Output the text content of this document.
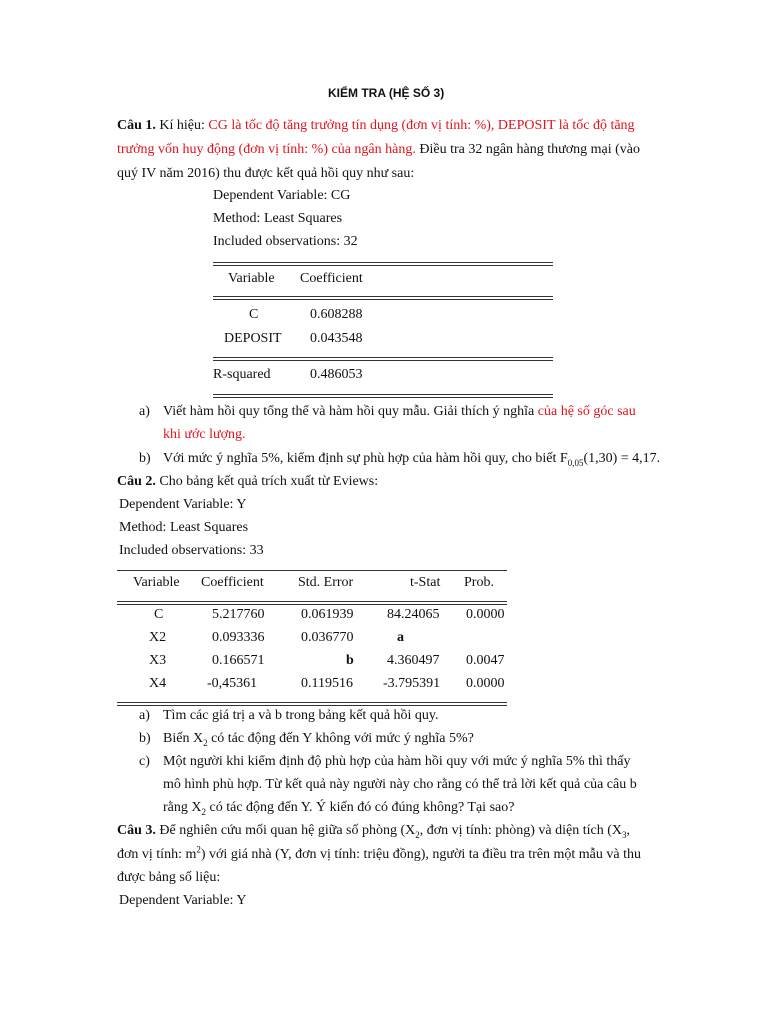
KIỂM TRA (HỆ SỐ 3)
Câu 1. Kí hiệu: CG là tốc độ tăng trưởng tín dụng (đơn vị tính: %), DEPOSIT là tốc độ tăng
trưởng vốn huy động (đơn vị tính: %) của ngân hàng. Điều tra 32 ngân hàng thương mại (vào
quý IV năm 2016) thu được kết quả hồi quy như sau:
Dependent Variable: CG
Method: Least Squares
Included observations: 32
Variable Coefficient
C	0.608288
DEPOSIT 0.043548
R-squared	0.486053
a) Viết hàm hồi quy tổng thể và hàm hồi quy mẫu. Giải thích ý nghĩa của hệ số góc sau
khi ước lượng.
b) Với mức ý nghĩa 5%, kiểm định sự phù hợp của hàm hồi quy, cho biết $F_{0,05}(1,30) = 4,17$.
Câu 2. Cho bảng kết quả trích xuất từ Eviews:
Dependent Variable: Y
Method: Least Squares
Included observations: 33
Variable Coefficient Std. Error	t-Stat Prob.
C	5.217760	0.061939 84.24065 0.0000
X2	0.093336	0.036770	a
X3	0.166571	b 4.360497 0.0047
X4	-0,45361	0.119516 -3.795391 0.0000
a) Tìm các giá trị a và b trong bảng kết quả hồi quy.
b) Biến $X_2$ có tác động đến Y không với mức ý nghĩa 5%?
c) Một người khi kiểm định độ phù hợp của hàm hồi quy với mức ý nghĩa 5% thì thấy
mô hình phù hợp. Từ kết quả này người này cho rằng có thể trả lời kết quả của câu b
rằng $X_2$ có tác động đến Y. Ý kiến đó có đúng không? Tại sao?
Câu 3. Để nghiên cứu mối quan hệ giữa số phòng ($X_2$, đơn vị tính: phòng) và diện tích ($X_3$,
đơn vị tính: $m^2$) với giá nhà (Y, đơn vị tính: triệu đồng), người ta điều tra trên một mẫu và thu
được bảng số liệu:
Dependent Variable: Y
